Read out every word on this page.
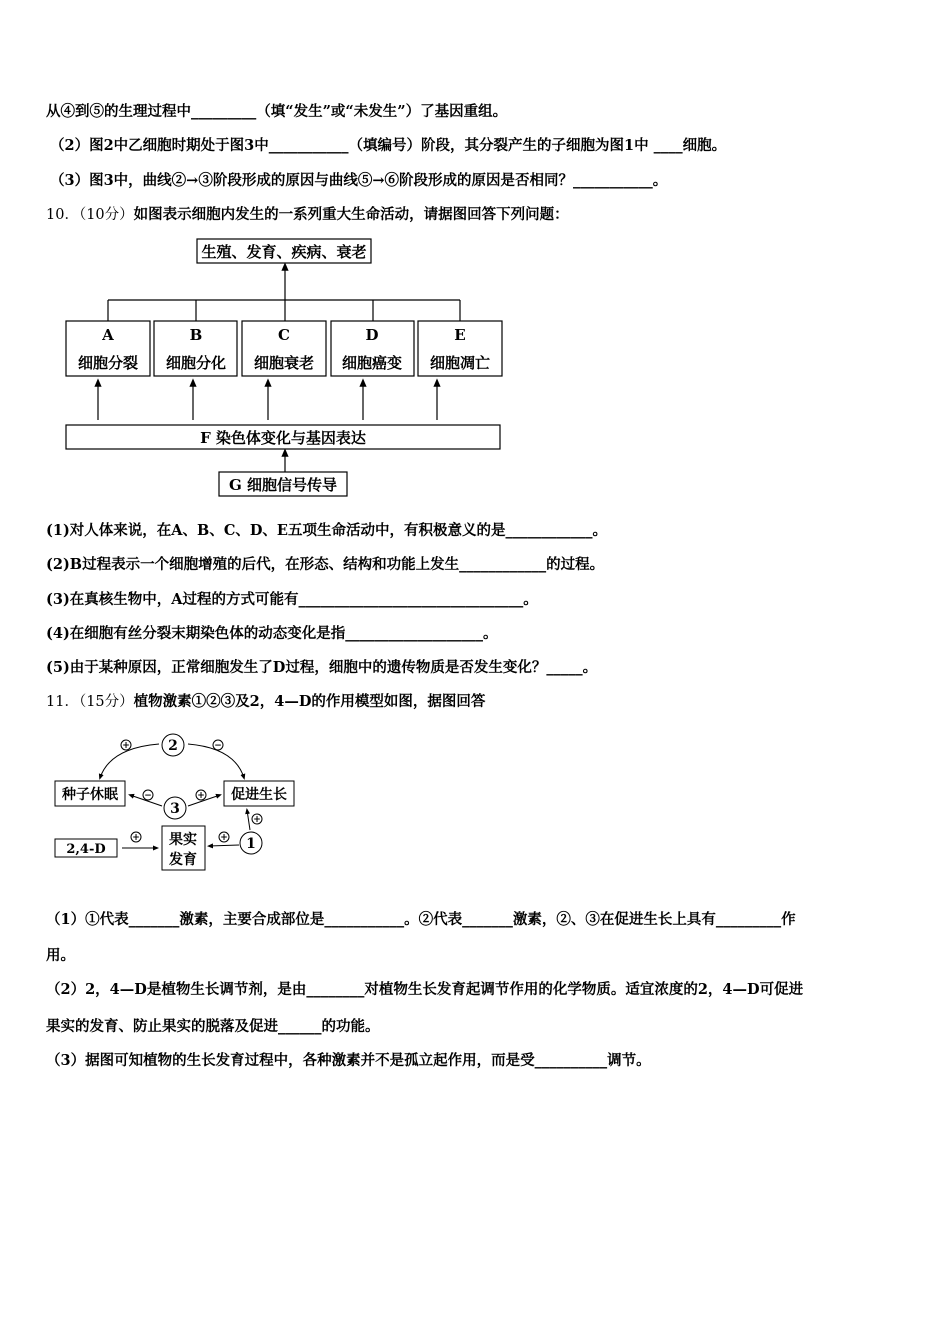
从④到⑤的生理过程中_________（填“发生”或“未发生”）了基因重组。
（2）图2中乙细胞时期处于图3中___________（填编号）阶段，其分裂产生的子细胞为图1中 ____细胞。
（3）图3中，曲线②→③阶段形成的原因与曲线⑤→⑥阶段形成的原因是否相同？___________。
10．（10分）如图表示细胞内发生的一系列重大生命活动，请据图回答下列问题：
生殖、发育、疾病、衰老
A
细胞分裂
B
细胞分化
C
细胞衰老
D
细胞癌变
E
细胞凋亡
F 染色体变化与基因表达
G 细胞信号传导
(1)对人体来说，在A、B、C、D、E五项生命活动中，有积极意义的是____________。
(2)B过程表示一个细胞增殖的后代，在形态、结构和功能上发生____________的过程。
(3)在真核生物中，A过程的方式可能有_______________________________。
(4)在细胞有丝分裂末期染色体的动态变化是指___________________。
(5)由于某种原因，正常细胞发生了D过程，细胞中的遗传物质是否发生变化？_____。
11．（15分）植物激素①②③及2，4—D的作用模型如图，据图回答
+	−
−	+
+	+
+
种子休眠	促进生长
2,4-D
果实
发育
2
3
1
（1）①代表_______激素，主要合成部位是___________。②代表_______激素，②、③在促进生长上具有_________作
用。
（2）2，4—D是植物生长调节剂，是由________对植物生长发育起调节作用的化学物质。适宜浓度的2，4—D可促进
果实的发育、防止果实的脱落及促进______的功能。
（3）据图可知植物的生长发育过程中，各种激素并不是孤立起作用，而是受__________调节。
